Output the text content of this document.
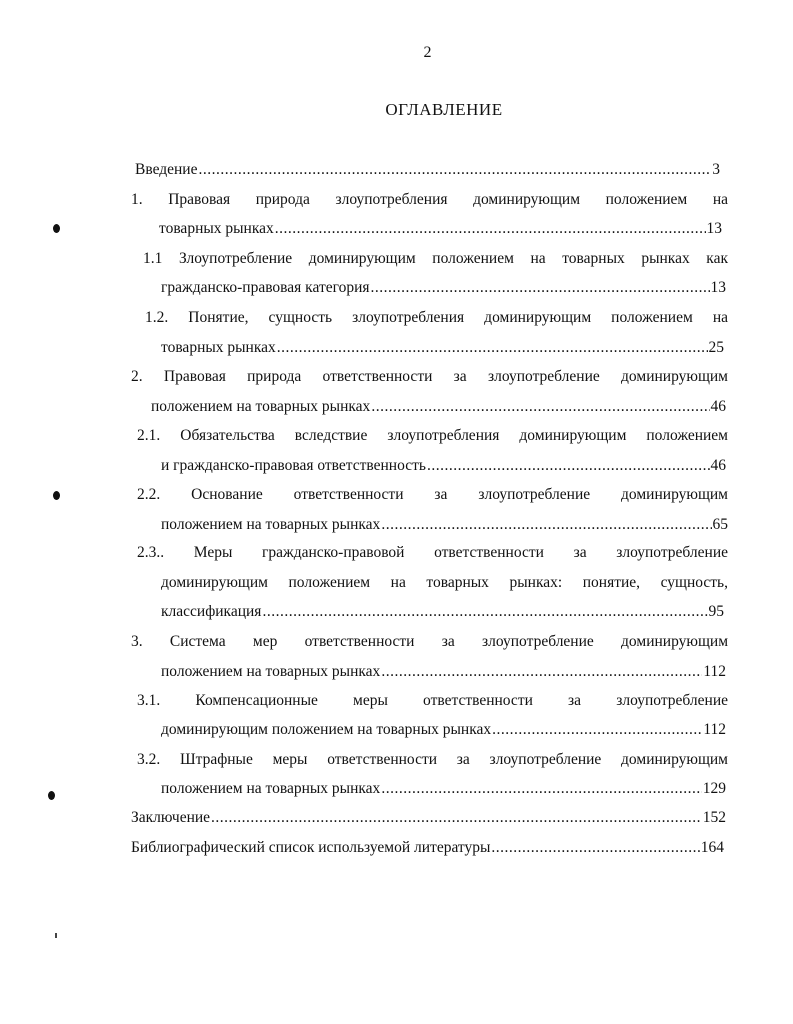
2
ОГЛАВЛЕНИЕ
Введение .....	3
1. Правовая природа злоупотребления доминирующим положением на
товарных рынках .....	13
1.1 Злоупотребление доминирующим положением на товарных рынках как
гражданско-правовая категория .....	13
1.2. Понятие, сущность злоупотребления доминирующим положением на
товарных рынках .....	25
2. Правовая природа ответственности за злоупотребление доминирующим
положением на товарных рынках .....	46
2.1. Обязательства вследствие злоупотребления доминирующим положением
и гражданско-правовая ответственность .....	46
2.2. Основание ответственности за злоупотребление доминирующим
положением на товарных рынках .....	65
2.3.. Меры гражданско-правовой ответственности за злоупотребление
доминирующим положением на товарных рынках: понятие, сущность,
классификация .....	95
3. Система мер ответственности за злоупотребление доминирующим
положением на товарных рынках .....	112
3.1. Компенсационные меры ответственности за злоупотребление
доминирующим положением на товарных рынках .....	112
3.2. Штрафные меры ответственности за злоупотребление доминирующим
положением на товарных рынках .....	129
Заключение .....	152
Библиографический список используемой литературы .....	164
